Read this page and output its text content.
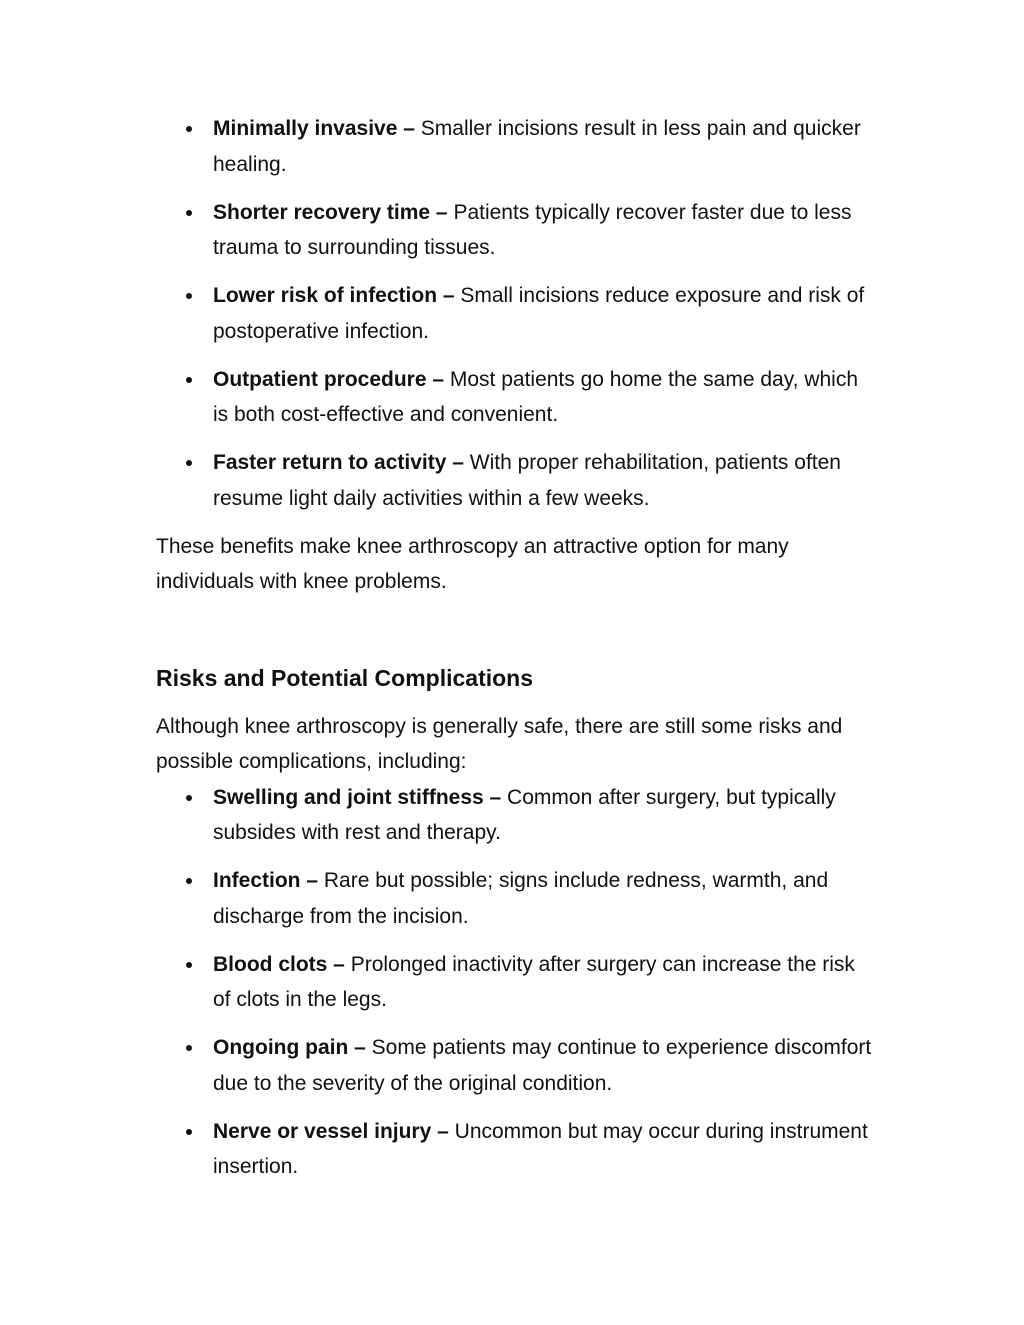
Minimally invasive – Smaller incisions result in less pain and quicker healing.
Shorter recovery time – Patients typically recover faster due to less trauma to surrounding tissues.
Lower risk of infection – Small incisions reduce exposure and risk of postoperative infection.
Outpatient procedure – Most patients go home the same day, which is both cost-effective and convenient.
Faster return to activity – With proper rehabilitation, patients often resume light daily activities within a few weeks.

These benefits make knee arthroscopy an attractive option for many individuals with knee problems.

Risks and Potential Complications

Although knee arthroscopy is generally safe, there are still some risks and possible complications, including:

Swelling and joint stiffness – Common after surgery, but typically subsides with rest and therapy.
Infection – Rare but possible; signs include redness, warmth, and discharge from the incision.
Blood clots – Prolonged inactivity after surgery can increase the risk of clots in the legs.
Ongoing pain – Some patients may continue to experience discomfort due to the severity of the original condition.
Nerve or vessel injury – Uncommon but may occur during instrument insertion.
